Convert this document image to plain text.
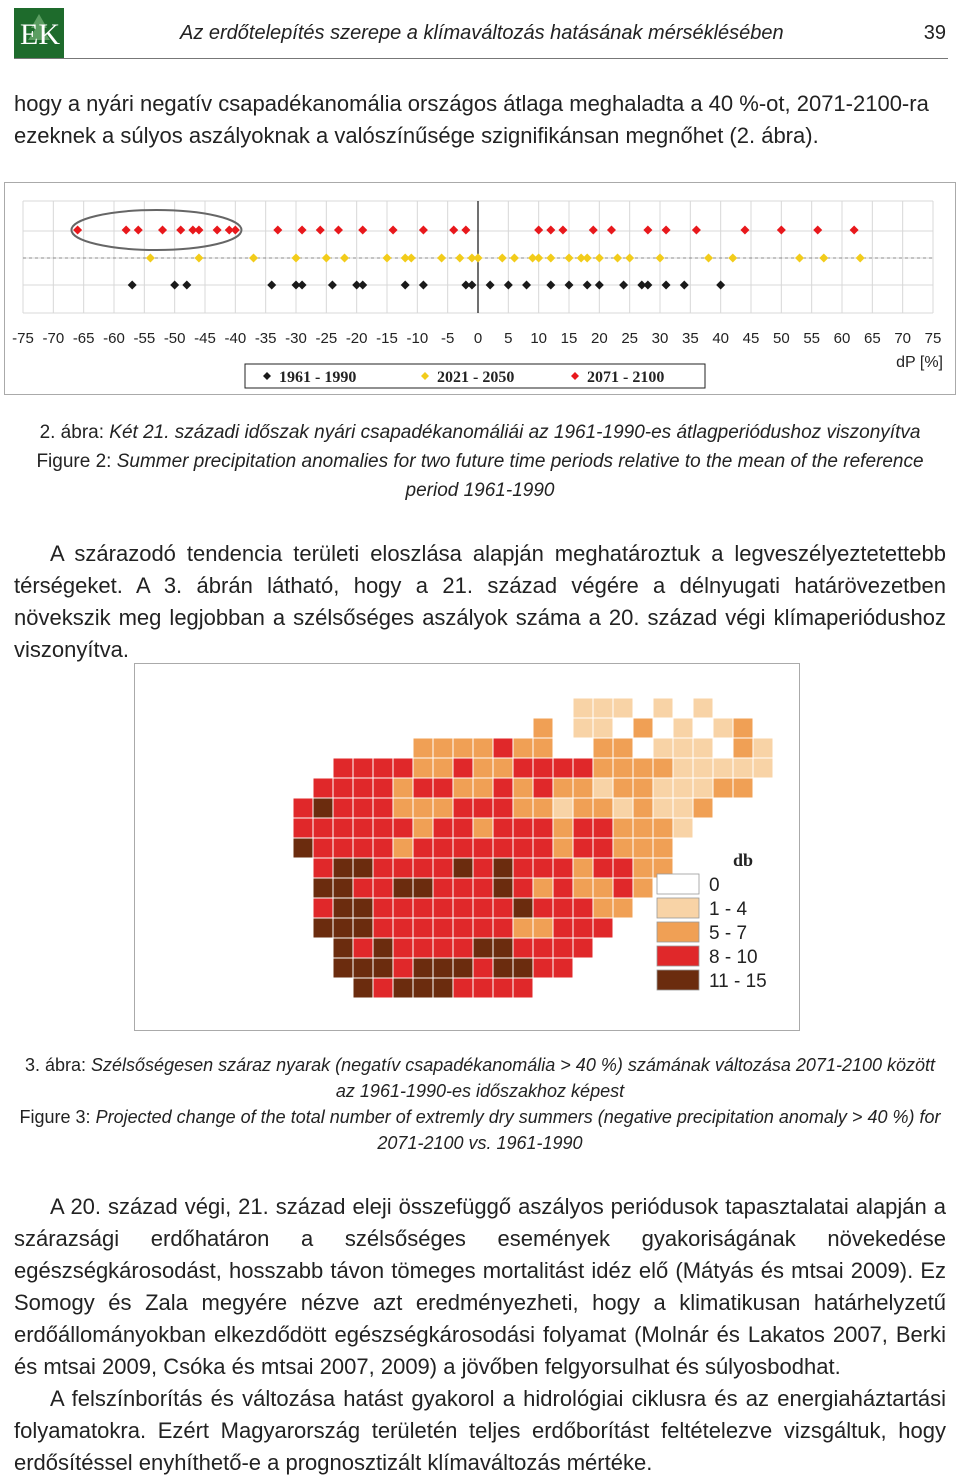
EK	Az erdőtelepítés szerepe a klímaváltozás hatásának mérséklésében	39
hogy a nyári negatív csapadékanomália országos átlaga meghaladta a 40 %-ot, 2071-2100-ra ezeknek a súlyos aszályoknak a valószínűsége szignifikánsan megnőhet (2. ábra).
-75 -70 -65 -60 -55 -50 -45 -40 -35 -30 -25 -20 -15 -10 -5 0 5 10 15 20 25 30 35 40 45 50 55 60 65 70 75
dP [%]
1961 - 1990	2021 - 2050	2071 - 2100
2. ábra: Két 21. századi időszak nyári csapadékanomáliái az 1961-1990-es átlagperiódushoz viszonyítva
Figure 2: Summer precipitation anomalies for two future time periods relative to the mean of the reference period 1961-1990
A szárazodó tendencia területi eloszlása alapján meghatároztuk a legveszélyeztetettebb térségeket. A 3. ábrán látható, hogy a 21. század végére a délnyugati határövezetben növekszik meg legjobban a szélsőséges aszályok száma a 20. század végi klímaperiódushoz viszonyítva.
db
0
1 - 4
5 - 7
8 - 10
11 - 15
3. ábra: Szélsőségesen száraz nyarak (negatív csapadékanomália > 40 %) számának változása 2071-2100 között az 1961-1990-es időszakhoz képest
Figure 3: Projected change of the total number of extremly dry summers (negative precipitation anomaly > 40 %) for 2071-2100 vs. 1961-1990
A 20. század végi, 21. század eleji összefüggő aszályos periódusok tapasztalatai alapján a szárazsági erdőhatáron a szélsőséges események gyakoriságának növekedése egészségkárosodást, hosszabb távon tömeges mortalitást idéz elő (Mátyás és mtsai 2009). Ez Somogy és Zala megyére nézve azt eredményezheti, hogy a klimatikusan határhelyzetű erdőállományokban elkezdődött egészségkárosodási folyamat (Molnár és Lakatos 2007, Berki és mtsai 2009, Csóka és mtsai 2007, 2009) a jövőben felgyorsulhat és súlyosbodhat.
A felszínborítás és változása hatást gyakorol a hidrológiai ciklusra és az energiaháztartási folyamatokra. Ezért Magyarország területén teljes erdőborítást feltételezve vizsgáltuk, hogy erdősítéssel enyhíthető-e a prognosztizált klímaváltozás mértéke.
